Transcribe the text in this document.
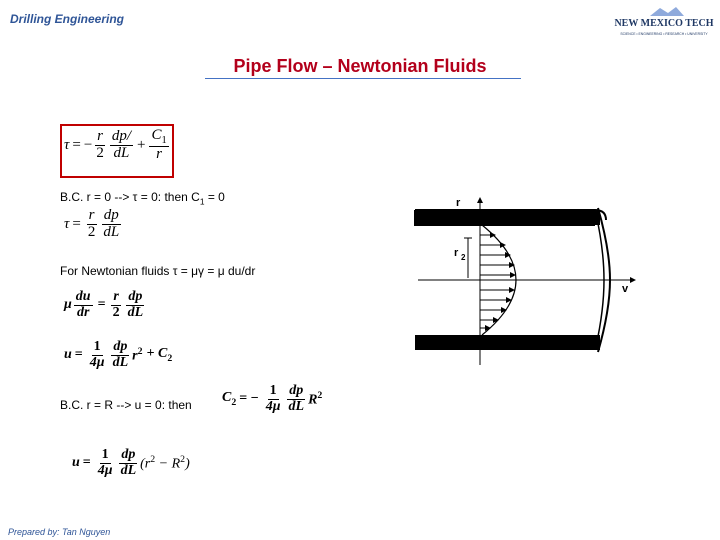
Drilling Engineering	NEW MEXICO TECH
SCIENCE • ENGINEERING • RESEARCH • UNIVERSITY
Pipe Flow – Newtonian Fluids
τ = − $\frac{r}{2} \frac{dp/}{dL} + \frac{C_1}{r}$
B.C. r = 0 --> τ = 0: then $C_1 = 0$
$\tau = \frac{r}{2} \frac{dp}{dL}$
For Newtonian fluids τ = μγ = μ du/dr
μ $\frac{du}{dr} = \frac{r}{2} \frac{dp}{dL}$
$u = \frac{1}{4\mu} \frac{dp}{dL} r^2 + C_2$
B.C. r = R --> u = 0: then $C_2$ = − $\frac{1}{4\mu} \frac{dp}{dL} R^2$
$u = \frac{1}{4\mu} \frac{dp}{dL} (r^2 - R^2)$
r
r 2
v
Prepared by: Tan Nguyen
